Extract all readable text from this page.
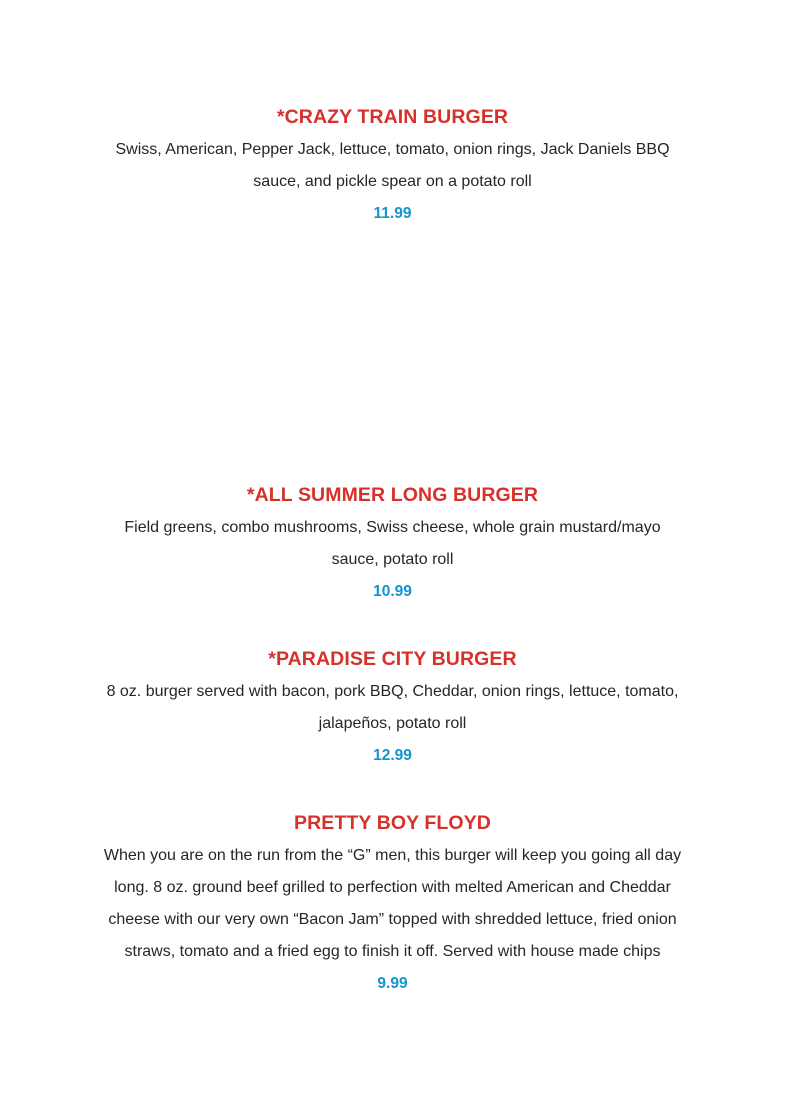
*CRAZY TRAIN BURGER

Swiss, American, Pepper Jack, lettuce, tomato, onion rings, Jack Daniels BBQ sauce, and pickle spear on a potato roll

11.99

*ALL SUMMER LONG BURGER

Field greens, combo mushrooms, Swiss cheese, whole grain mustard/mayo sauce, potato roll

10.99

*PARADISE CITY BURGER

8 oz. burger served with bacon, pork BBQ, Cheddar, onion rings, lettuce, tomato, jalapeños, potato roll

12.99

PRETTY BOY FLOYD

When you are on the run from the “G” men, this burger will keep you going all day long. 8 oz. ground beef grilled to perfection with melted American and Cheddar cheese with our very own “Bacon Jam” topped with shredded lettuce, fried onion straws, tomato and a fried egg to finish it off. Served with house made chips

9.99
